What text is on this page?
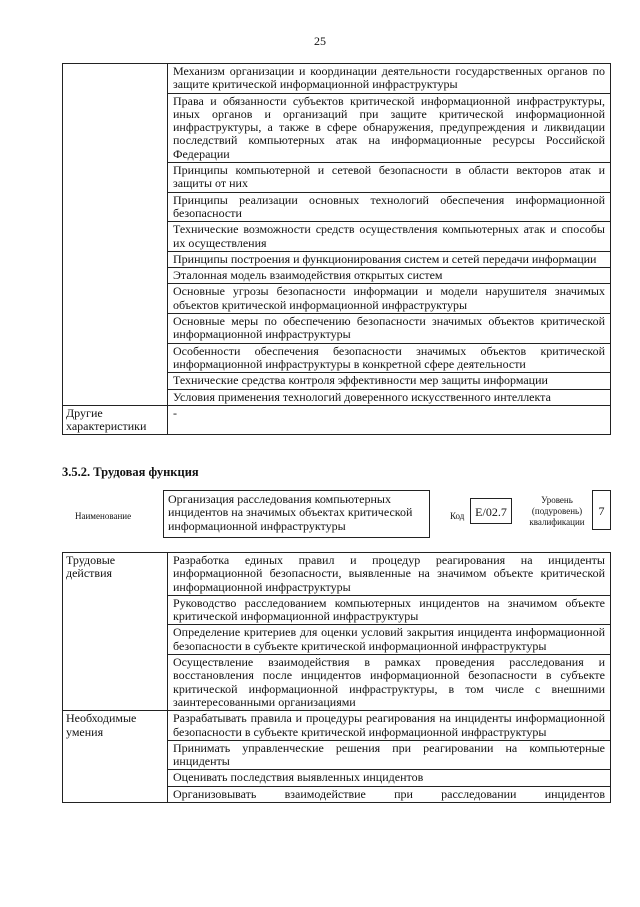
25
	Механизм организации и координации деятельности государственных органов по защите критической информационной инфраструктуры
	Права и обязанности субъектов критической информационной инфраструктуры, иных органов и организаций при защите критической информационной инфраструктуры, а также в сфере обнаружения, предупреждения и ликвидации последствий компьютерных атак на информационные ресурсы Российской Федерации
	Принципы компьютерной и сетевой безопасности в области векторов атак и защиты от них
	Принципы реализации основных технологий обеспечения информационной безопасности
	Технические возможности средств осуществления компьютерных атак и способы их осуществления
	Принципы построения и функционирования систем и сетей передачи информации
	Эталонная модель взаимодействия открытых систем
	Основные угрозы безопасности информации и модели нарушителя значимых объектов критической информационной инфраструктуры
	Основные меры по обеспечению безопасности значимых объектов критической информационной инфраструктуры
	Особенности обеспечения безопасности значимых объектов критической информационной инфраструктуры в конкретной сфере деятельности
	Технические средства контроля эффективности мер защиты информации
	Условия применения технологий доверенного искусственного интеллекта
Другие характеристики	-
3.5.2. Трудовая функция
Наименование
Организация расследования компьютерных инцидентов на значимых объектах критической информационной инфраструктуры
Код E/02.7
Уровень (подуровень) квалификации
7
Трудовые действия	Разработка единых правил и процедур реагирования на инциденты информационной безопасности, выявленные на значимом объекте критической информационной инфраструктуры
	Руководство расследованием компьютерных инцидентов на значимом объекте критической информационной инфраструктуры
	Определение критериев для оценки условий закрытия инцидента информационной безопасности в субъекте критической информационной инфраструктуры
	Осуществление взаимодействия в рамках проведения расследования и восстановления после инцидентов информационной безопасности в субъекте критической информационной инфраструктуры, в том числе с внешними заинтересованными организациями
Необходимые умения	Разрабатывать правила и процедуры реагирования на инциденты информационной безопасности в субъекте критической информационной инфраструктуры
	Принимать управленческие решения при реагировании на компьютерные инциденты
	Оценивать последствия выявленных инцидентов
	Организовывать взаимодействие при расследовании инцидентов
